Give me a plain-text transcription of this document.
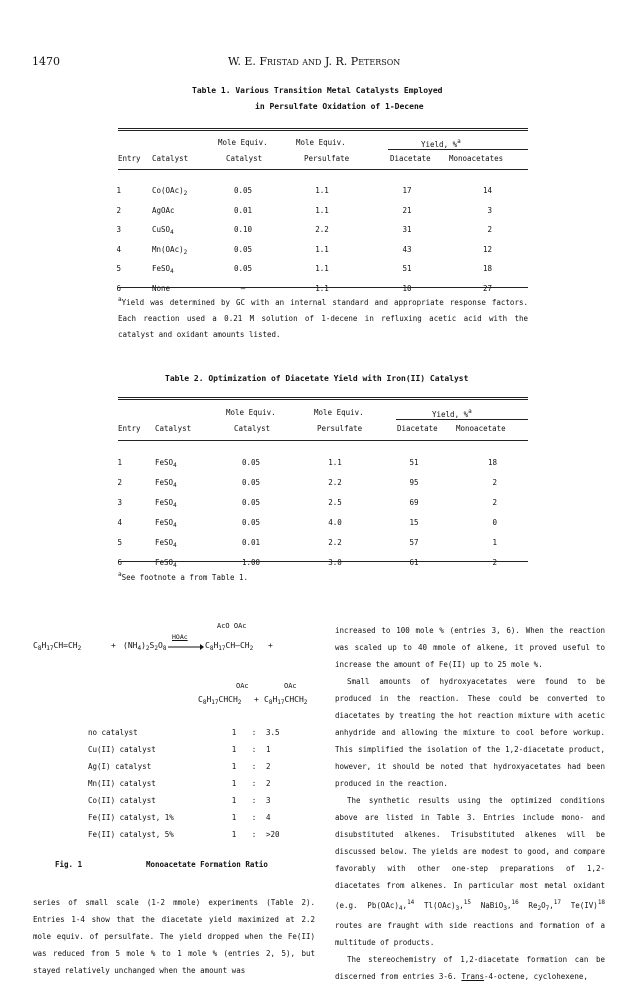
1470	W. E. Fristad and J. R. Peterson
Table 1. Various Transition Metal Catalysts Employed
in Persulfate Oxidation of 1-Decene
Mole Equiv.	Mole Equiv.	Yield, %$^a$
Entry Catalyst	Catalyst	Persulfate	Diacetate Monoacetates
1	$Co(OAc)_2$	0.05	1.1	17	14
2	AgOAc	0.01	1.1	21	3
3	CuSO$_4$	0.10	2.2	31	2
4	$Mn(OAc)_2$	0.05	1.1	43	12
5	FeSO$_4$	0.05	1.1	51	18
6	None	—	1.1	10	27
$^a$Yield was determined by GC with an internal standard and appropriate response factors. Each reaction used a 0.21 M solution of 1-decene in refluxing acetic acid with the catalyst and oxidant amounts listed.
Table 2. Optimization of Diacetate Yield with Iron(II) Catalyst
Mole Equiv.	Mole Equiv.	Yield, %$^a$
Entry Catalyst	Catalyst	Persulfate	Diacetate Monoacetate
1	FeSO$_4$	0.05	1.1	51	18
2	FeSO$_4$	0.05	2.2	95	2
3	FeSO$_4$	0.05	2.5	69	2
4	FeSO$_4$	0.05	4.0	15	0
5	FeSO$_4$	0.01	2.2	57	1
6	FeSO$_4$	1.00	3.0	61	2
$^a$See footnote a from Table 1.
AcO OAc
$C_8H_{17}CH=CH_2$	+ $(NH_4)_2S_2O_8$
HOAc
→ $C_8H_{17}CH-CH_2$ +
OAc	OAc
$C_8H_{17}CHCH_2$ + $C_8H_{17}CHCH_2$
no catalyst	1	:	3.5
Cu(II) catalyst	1	:	1
Ag(I) catalyst	1	:	2
Mn(II) catalyst	1	:	2
Co(II) catalyst	1	:	3
Fe(II) catalyst, 1%	1	:	4
Fe(II) catalyst, 5%	1	:	>20
Fig. 1	Monoacetate Formation Ratio
series of small scale (1-2 mmole) experiments (Table 2). Entries 1-4 show that the diacetate yield maximized at 2.2 mole equiv. of persulfate. The yield dropped when the Fe(II) was reduced from 5 mole % to 1 mole % (entries 2, 5), but stayed relatively unchanged when the amount was
increased to 100 mole % (entries 3, 6). When the reaction was scaled up to 40 mmole of alkene, it proved useful to increase the amount of Fe(II) up to 25 mole %.
Small amounts of hydroxyacetates were found to be produced in the reaction. These could be converted to diacetates by treating the hot reaction mixture with acetic anhydride and allowing the mixture to cool before workup. This simplified the isolation of the 1,2-diacetate product, however, it should be noted that hydroxyacetates had been produced in the reaction.
The synthetic results using the optimized conditions above are listed in Table 3. Entries include mono- and disubstituted alkenes. Trisubstituted alkenes will be discussed below. The yields are modest to good, and compare favorably with other one-step preparations of 1,2-diacetates from alkenes. In particular most metal oxidant (e.g. $Pb(OAc)_4,^{14}$ $Tl(OAc)_3,^{15}$ NaBiO$_3$,$^{16}$ $Re_2O_7,^{17}$ Te(IV)$^{18}$ routes are fraught with side reactions and formation of a multitude of products.
The stereochemistry of 1,2-diacetate formation can be discerned from entries 3-6. Trans-4-octene, cyclohexene,
